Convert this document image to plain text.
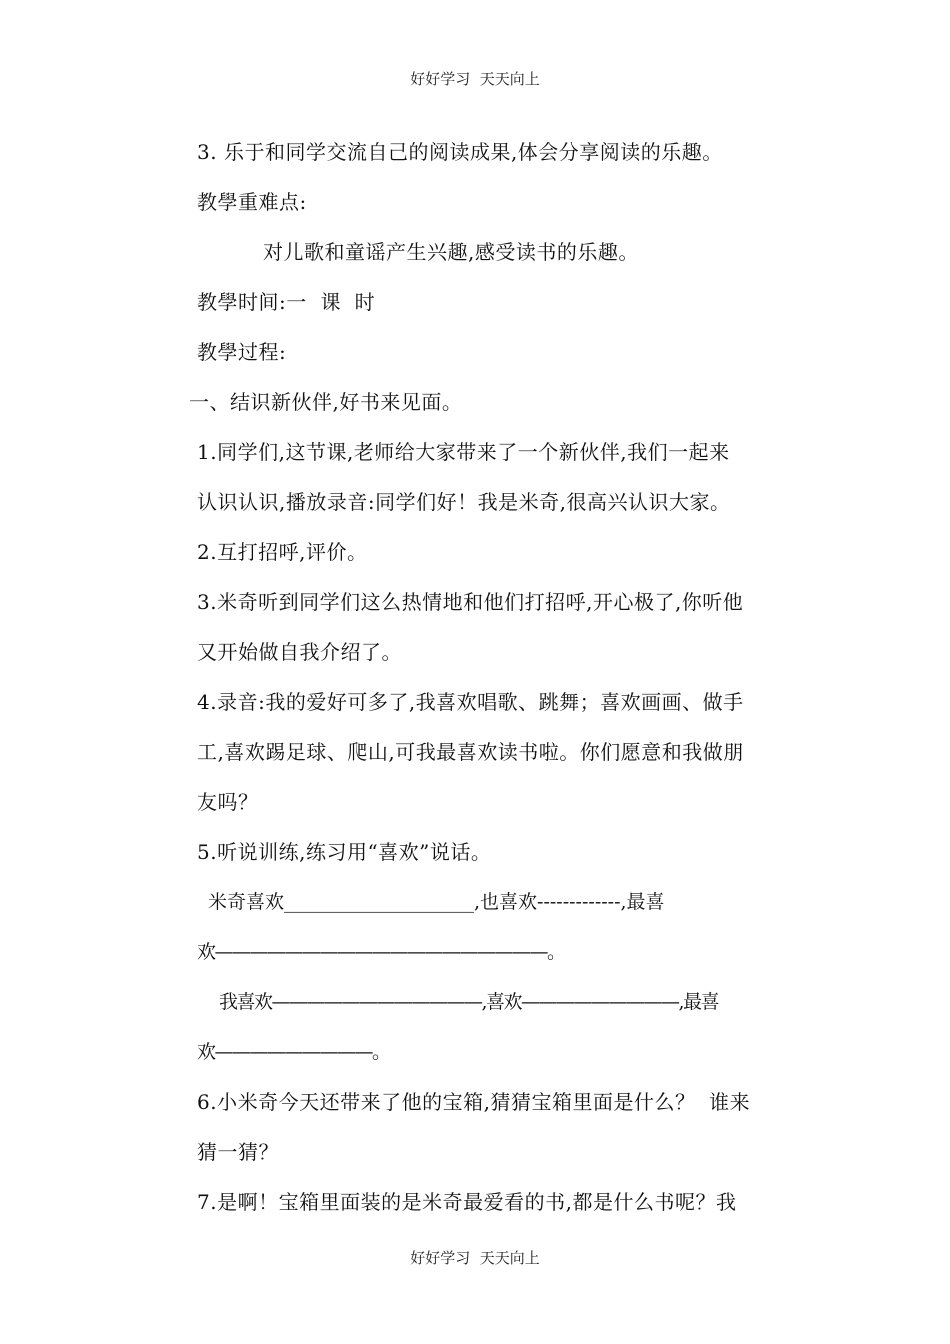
好好学习  天天向上
3. 乐于和同学交流自己的阅读成果,体会分享阅读的乐趣。
教學重难点:
对儿歌和童谣产生兴趣,感受读书的乐趣。
教學时间:一  课  时
教學过程:
一、结识新伙伴,好书来见面。
1.同学们,这节课,老师给大家带来了一个新伙伴,我们一起来
认识认识,播放录音:同学们好！我是米奇,很高兴认识大家。
2.互打招呼,评价。
3.米奇听到同学们这么热情地和他们打招呼,开心极了,你听他
又开始做自我介绍了。
4.录音:我的爱好可多了,我喜欢唱歌、跳舞；喜欢画画、做手
工,喜欢踢足球、爬山,可我最喜欢读书啦。你们愿意和我做朋
友吗？
5.听说训练,练习用“喜欢”说话。
米奇喜欢____________________,也喜欢-------------,最喜
欢———————————————————。
我喜欢————————————,喜欢—————————,最喜
欢—————————。
6.小米奇今天还带来了他的宝箱,猜猜宝箱里面是什么？  谁来
猜一猜？
7.是啊！宝箱里面装的是米奇最爱看的书,都是什么书呢？我
好好学习  天天向上
